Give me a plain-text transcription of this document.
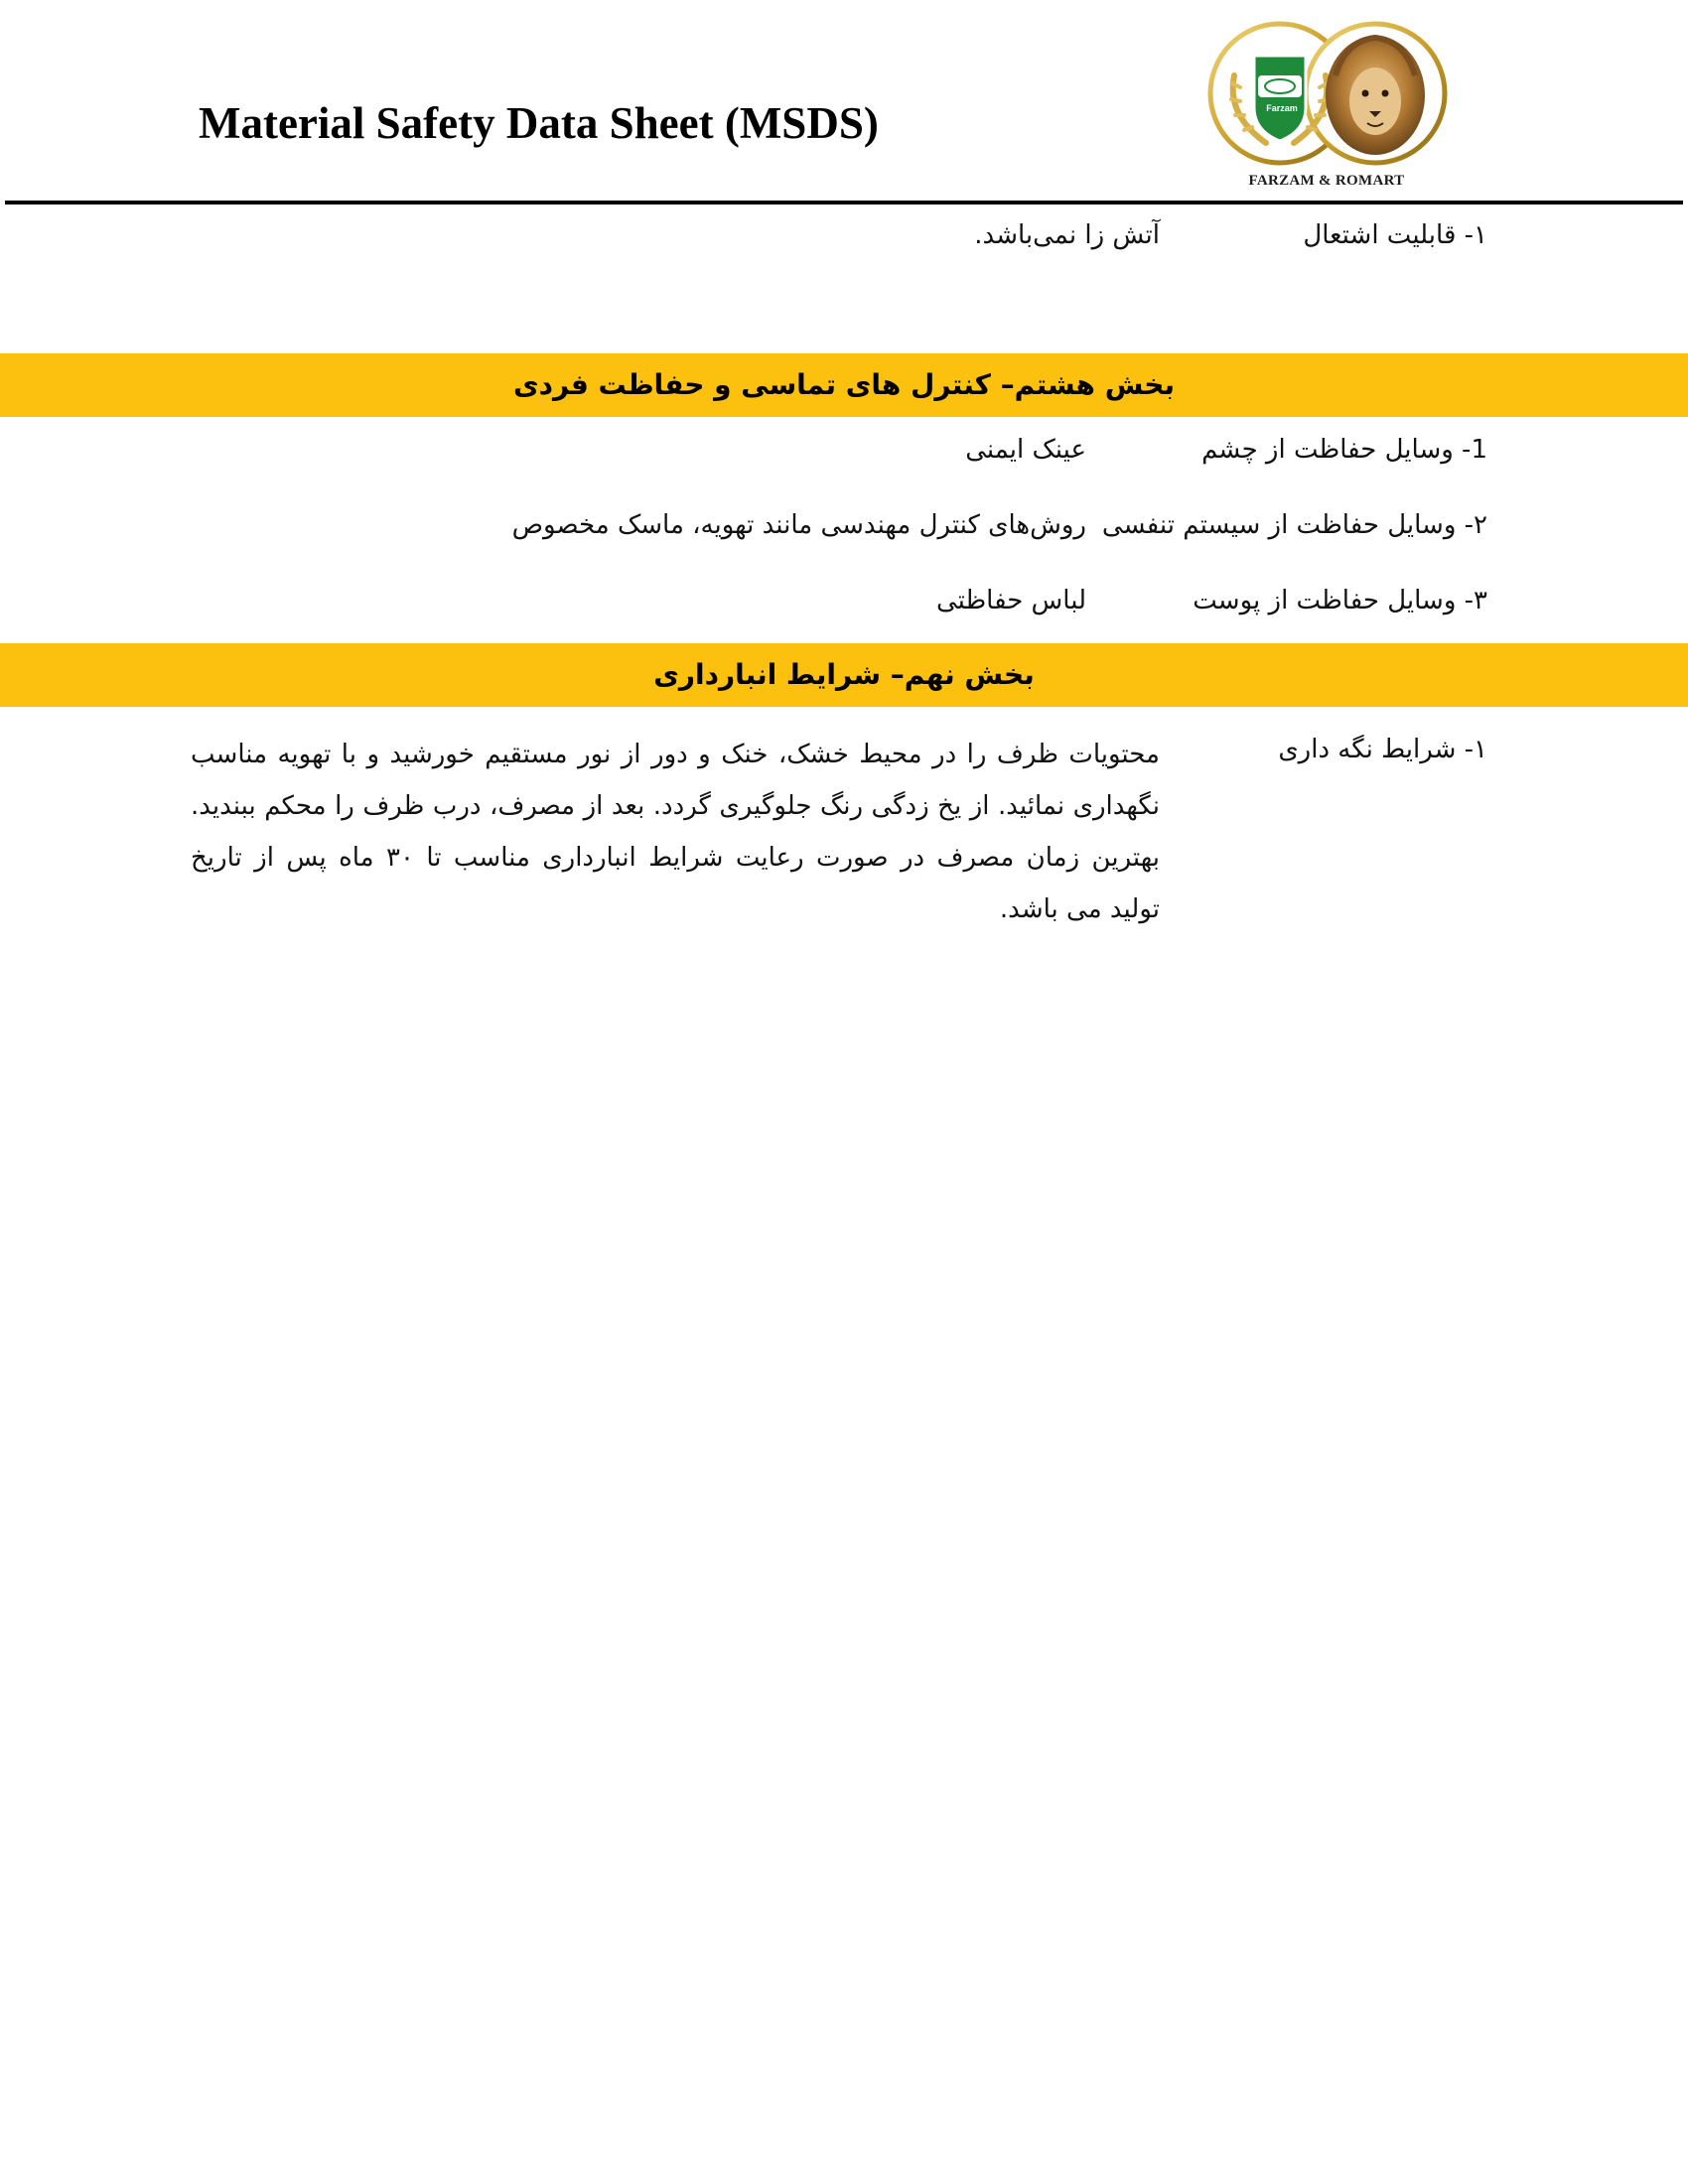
Material Safety Data Sheet (MSDS)	Farzam
FARZAM & ROMART
۱- قابلیت اشتعال
آتش زا نمی‌باشد.
بخش هشتم– کنترل های تماسی و حفاظت فردی
1- وسایل حفاظت از چشم
عینک ایمنی
۲- وسایل حفاظت از سیستم تنفسی
روش‌های کنترل مهندسی مانند تهویه، ماسک مخصوص
۳- وسایل حفاظت از پوست
لباس حفاظتی
بخش نهم– شرایط انبارداری
۱- شرایط نگه داری
محتویات ظرف را در محیط خشک، خنک و دور از نور مستقیم خورشید و با تهویه مناسب نگهداری نمائید. از یخ زدگی رنگ جلوگیری گردد. بعد از مصرف، درب ظرف را محکم ببندید. بهترین زمان مصرف در صورت رعایت شرایط انبارداری مناسب تا ۳۰ ماه پس از تاریخ تولید می باشد.
